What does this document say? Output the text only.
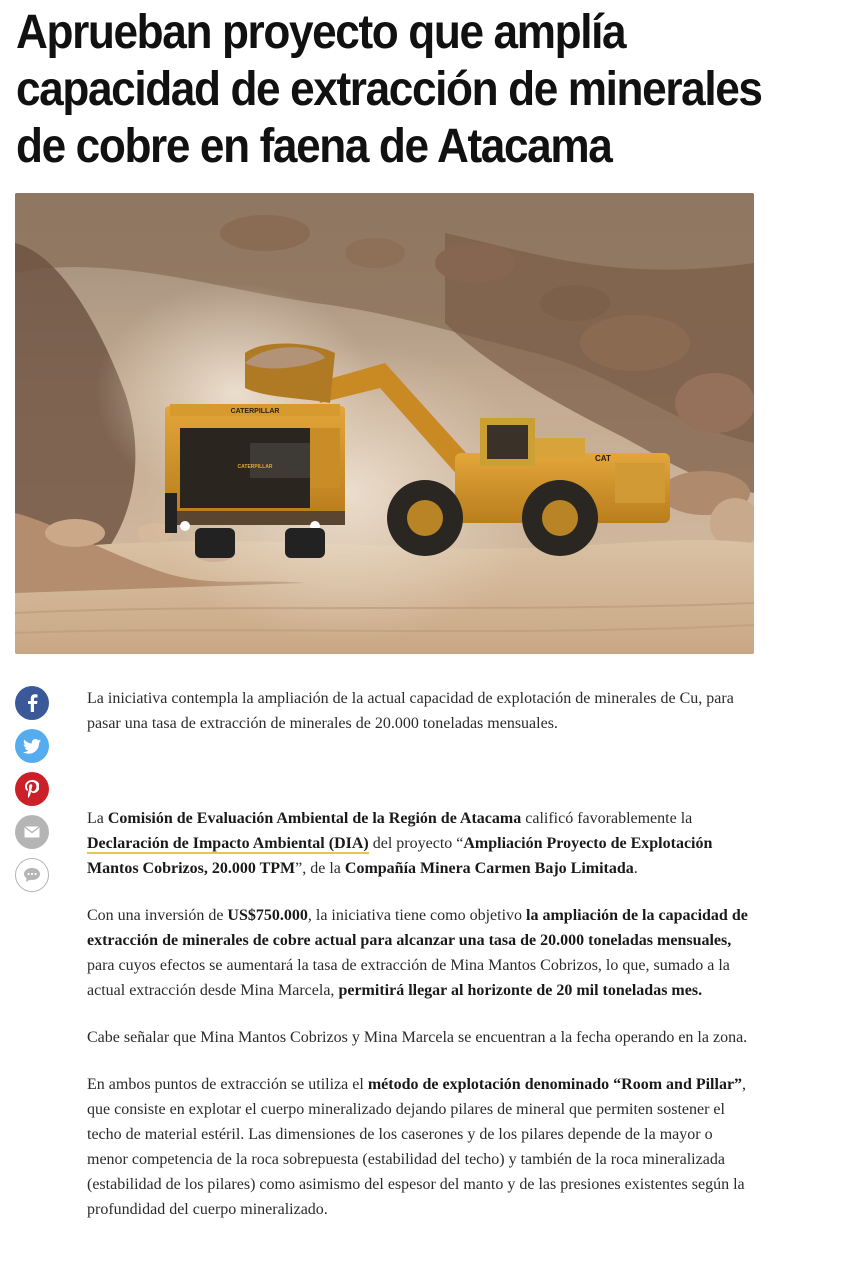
Aprueban proyecto que amplía capacidad de extracción de minerales de cobre en faena de Atacama
CATERPILLAR
CATERPILLAR
CAT

La iniciativa contempla la ampliación de la actual capacidad de explotación de minerales de Cu, para pasar una tasa de extracción de minerales de 20.000 toneladas mensuales.

La Comisión de Evaluación Ambiental de la Región de Atacama calificó favorablemente la Declaración de Impacto Ambiental (DIA) del proyecto “Ampliación Proyecto de Explotación Mantos Cobrizos, 20.000 TPM”, de la Compañía Minera Carmen Bajo Limitada.

Con una inversión de US$750.000, la iniciativa tiene como objetivo la ampliación de la capacidad de extracción de minerales de cobre actual para alcanzar una tasa de 20.000 toneladas mensuales, para cuyos efectos se aumentará la tasa de extracción de Mina Mantos Cobrizos, lo que, sumado a la actual extracción desde Mina Marcela, permitirá llegar al horizonte de 20 mil toneladas mes.

Cabe señalar que Mina Mantos Cobrizos y Mina Marcela se encuentran a la fecha operando en la zona.

En ambos puntos de extracción se utiliza el método de explotación denominado “Room and Pillar”, que consiste en explotar el cuerpo mineralizado dejando pilares de mineral que permiten sostener el techo de material estéril. Las dimensiones de los caserones y de los pilares depende de la mayor o menor competencia de la roca sobrepuesta (estabilidad del techo) y también de la roca mineralizada (estabilidad de los pilares) como asimismo del espesor del manto y de las presiones existentes según la profundidad del cuerpo mineralizado.
